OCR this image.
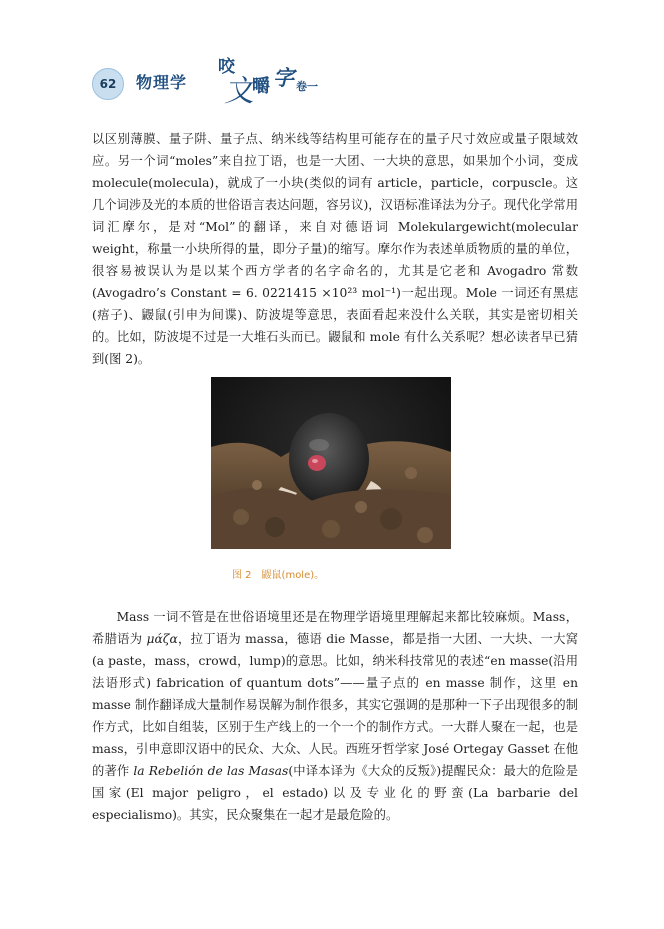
62	物理学
咬
文
嚼 字 卷一
以区别薄膜、量子阱、量子点、纳米线等结构里可能存在的量子尺寸效应或量子限域效应。另一个词“moles”来自拉丁语，也是一大团、一大块的意思，如果加个小词，变成 molecule(molecula)，就成了一小块(类似的词有 article，particle，corpuscle。这几个词涉及光的本质的世俗语言表达问题，容另议)，汉语标准译法为分子。现代化学常用词汇摩尔，是对“Mol”的翻译，来自对德语词 Molekulargewicht(molecular weight，称量一小块所得的量，即分子量)的缩写。摩尔作为表述单质物质的量的单位，很容易被误认为是以某个西方学者的名字命名的，尤其是它老和 Avogadro 常数(Avogadro’s Constant = 6. 0221415 ×10²³ mol⁻¹)一起出现。Mole 一词还有黑痣(痦子)、鼹鼠(引申为间谍)、防波堤等意思，表面看起来没什么关联，其实是密切相关的。比如，防波堤不过是一大堆石头而已。鼹鼠和 mole 有什么关系呢？想必读者早已猜到(图 2)。
图 2 鼹鼠(mole)。
Mass 一词不管是在世俗语境里还是在物理学语境里理解起来都比较麻烦。Mass，希腊语为 μάζα，拉丁语为 massa，德语 die Masse，都是指一大团、一大块、一大窝(a paste，mass，crowd，lump)的意思。比如，纳米科技常见的表述“en masse(沿用法语形式) fabrication of quantum dots”——量子点的 en masse 制作，这里 en masse 制作翻译成大量制作易误解为制作很多，其实它强调的是那种一下子出现很多的制作方式，比如自组装，区别于生产线上的一个一个的制作方式。一大群人聚在一起，也是 mass，引申意即汉语中的民众、大众、人民。西班牙哲学家 José Ortegay Gasset 在他的著作 la Rebelión de las Masas(中译本译为《大众的反叛》)提醒民众：最大的危险是国家(El major peligro，el estado)以及专业化的野蛮(La barbarie del especialismo)。其实，民众聚集在一起才是最危险的。
